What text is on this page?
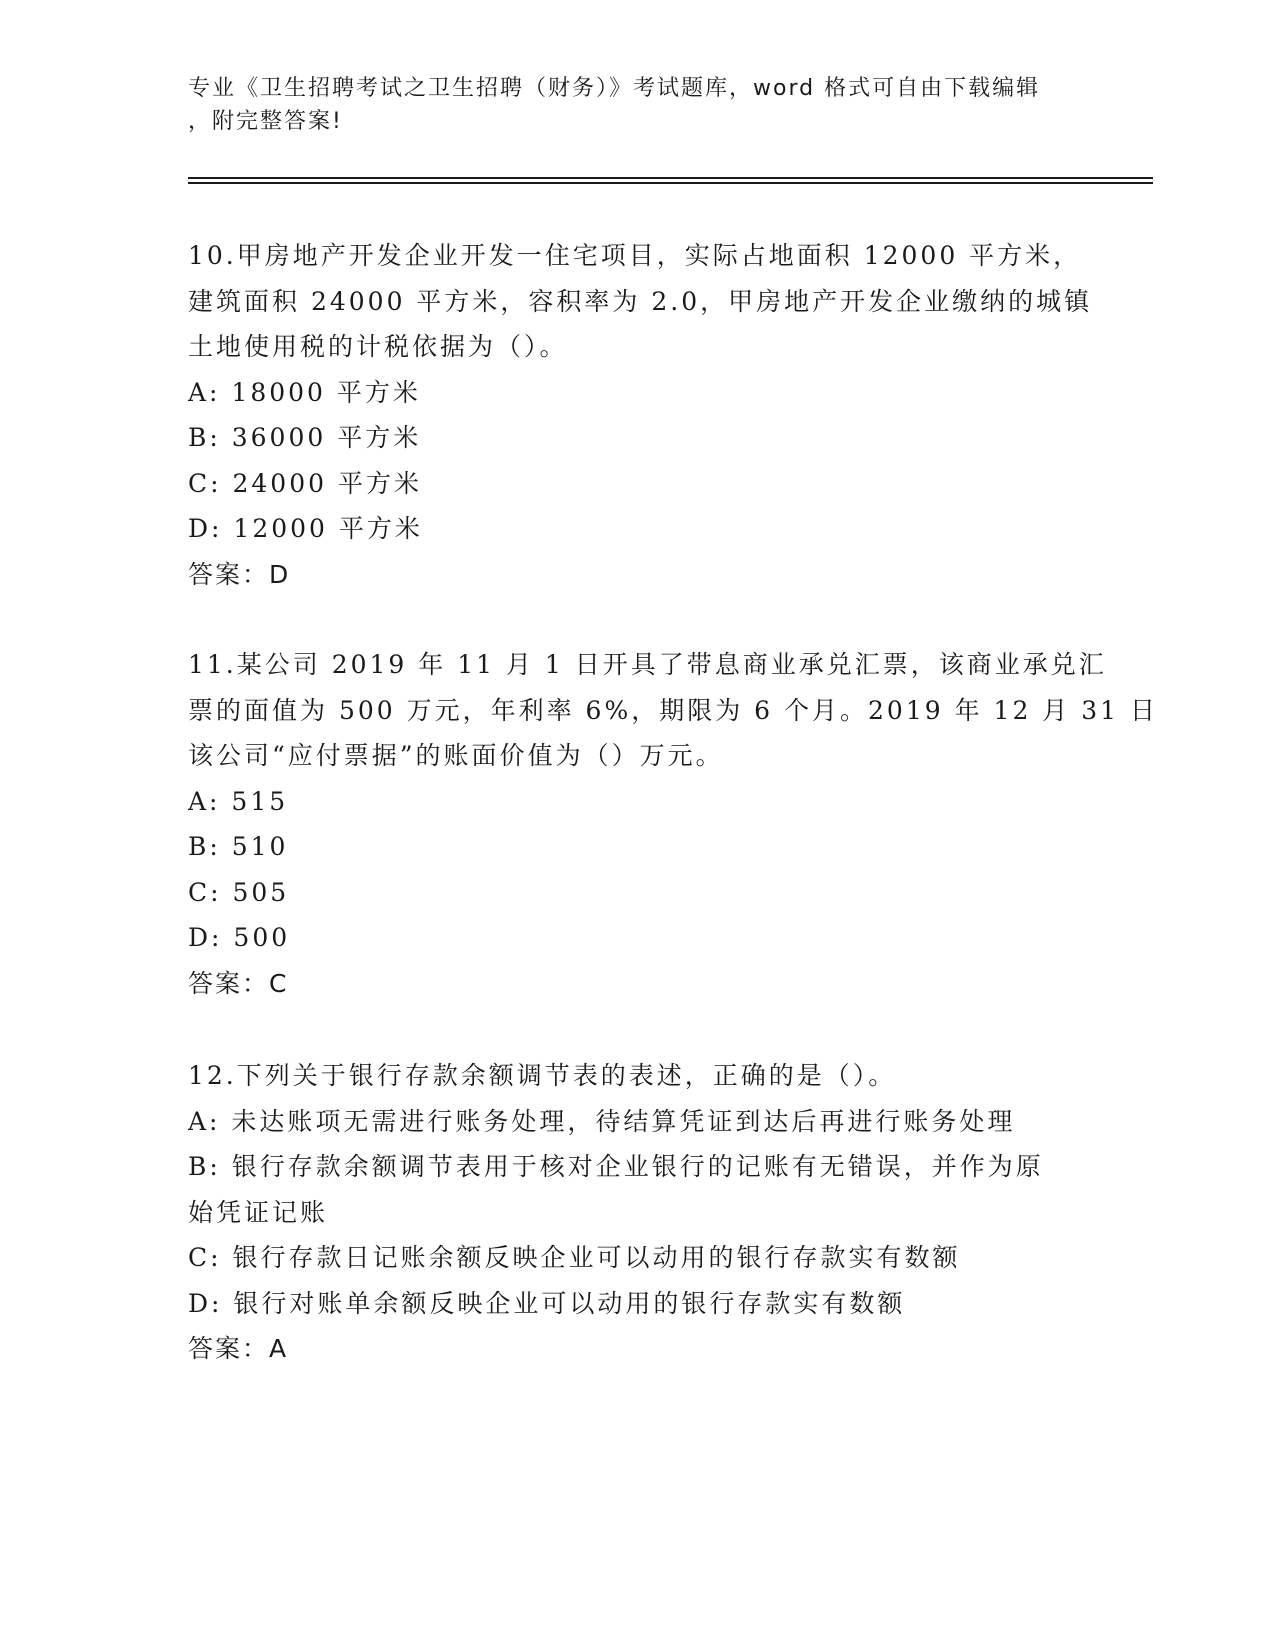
专业《卫生招聘考试之卫生招聘（财务）》考试题库，word 格式可自由下载编辑

，附完整答案!

10.甲房地产开发企业开发一住宅项目，实际占地面积 12000 平方米，

建筑面积 24000 平方米，容积率为 2.0，甲房地产开发企业缴纳的城镇

土地使用税的计税依据为（）。

A: 18000 平方米

B: 36000 平方米

C: 24000 平方米

D: 12000 平方米

答案：D

11.某公司 2019 年 11 月 1 日开具了带息商业承兑汇票，该商业承兑汇

票的面值为 500 万元，年利率 6%，期限为 6 个月。2019 年 12 月 31 日

该公司“应付票据”的账面价值为（）万元。

A: 515

B: 510

C: 505

D: 500

答案：C

12.下列关于银行存款余额调节表的表述，正确的是（）。

A: 未达账项无需进行账务处理，待结算凭证到达后再进行账务处理

B: 银行存款余额调节表用于核对企业银行的记账有无错误，并作为原

始凭证记账

C: 银行存款日记账余额反映企业可以动用的银行存款实有数额

D: 银行对账单余额反映企业可以动用的银行存款实有数额

答案：A
